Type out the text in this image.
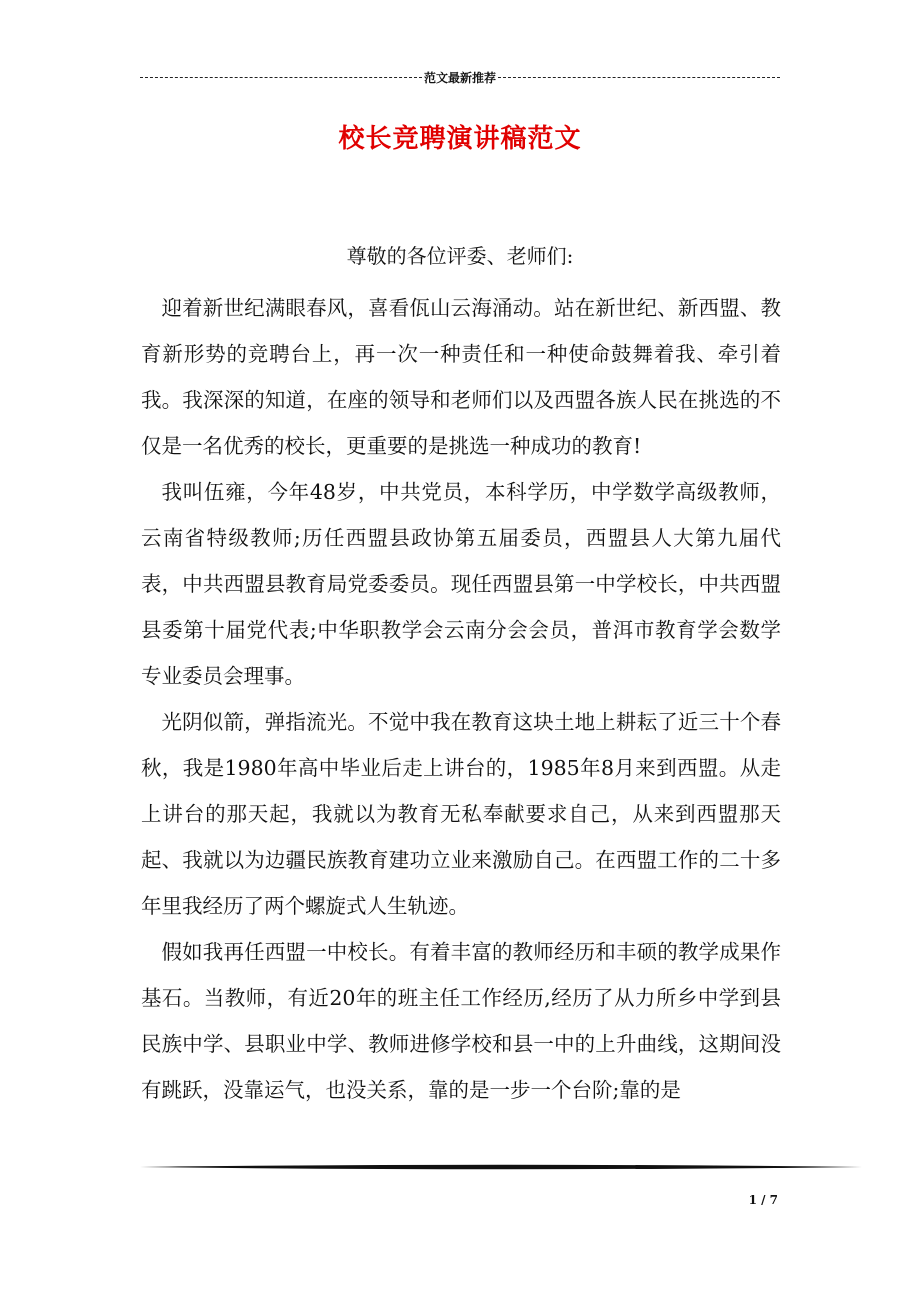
范文最新推荐
校长竞聘演讲稿范文
尊敬的各位评委、老师们:

迎着新世纪满眼春风，喜看佤山云海涌动。站在新世纪、新西盟、教育新形势的竞聘台上，再一次一种责任和一种使命鼓舞着我、牵引着我。我深深的知道，在座的领导和老师们以及西盟各族人民在挑选的不仅是一名优秀的校长，更重要的是挑选一种成功的教育!

我叫伍雍，今年48岁，中共党员，本科学历，中学数学高级教师，云南省特级教师;历任西盟县政协第五届委员，西盟县人大第九届代表，中共西盟县教育局党委委员。现任西盟县第一中学校长，中共西盟县委第十届党代表;中华职教学会云南分会会员，普洱市教育学会数学专业委员会理事。

光阴似箭，弹指流光。不觉中我在教育这块土地上耕耘了近三十个春秋，我是1980年高中毕业后走上讲台的，1985年8月来到西盟。从走上讲台的那天起，我就以为教育无私奉献要求自己，从来到西盟那天起、我就以为边疆民族教育建功立业来激励自己。在西盟工作的二十多年里我经历了两个螺旋式人生轨迹。

假如我再任西盟一中校长。有着丰富的教师经历和丰硕的教学成果作基石。当教师，有近20年的班主任工作经历,经历了从力所乡中学到县民族中学、县职业中学、教师进修学校和县一中的上升曲线，这期间没有跳跃，没靠运气，也没关系，靠的是一步一个台阶;靠的是

1 / 7
